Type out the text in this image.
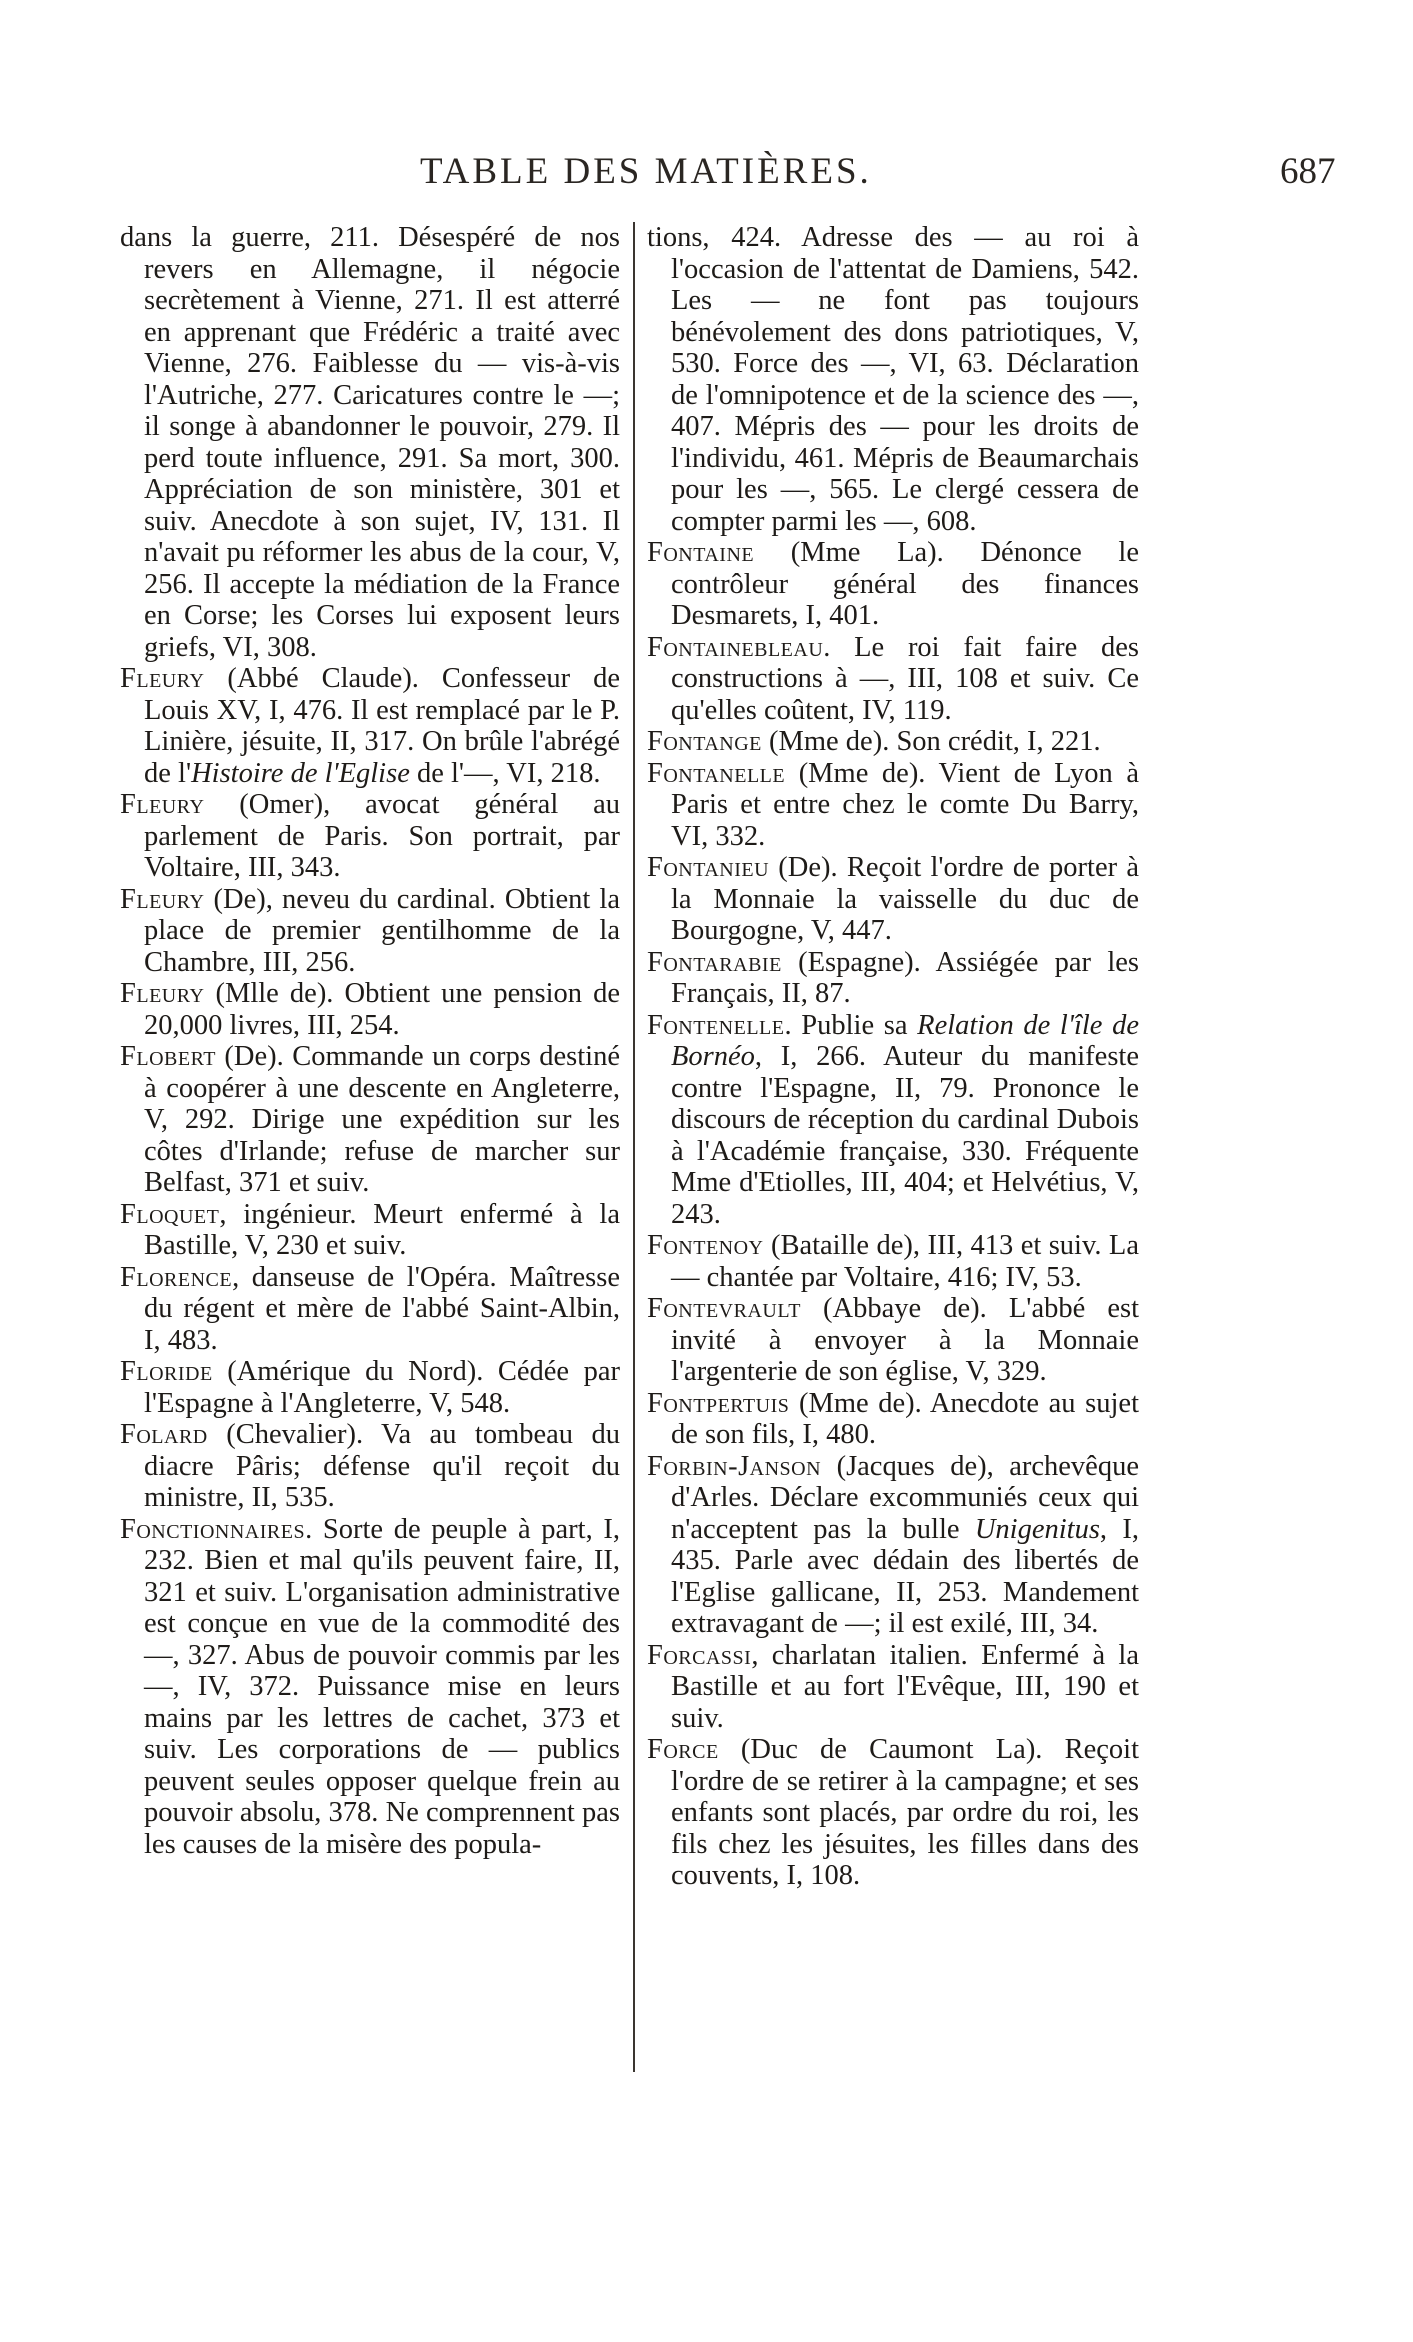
TABLE DES MATIÈRES.	687

dans la guerre, 211. Désespéré de nos revers en Allemagne, il négocie secrètement à Vienne, 271. Il est atterré en apprenant que Frédéric a traité avec Vienne, 276. Faiblesse du — vis-à-vis l'Autriche, 277. Caricatures contre le —; il songe à abandonner le pouvoir, 279. Il perd toute influence, 291. Sa mort, 300. Appréciation de son ministère, 301 et suiv. Anecdote à son sujet, IV, 131. Il n'avait pu réformer les abus de la cour, V, 256. Il accepte la médiation de la France en Corse; les Corses lui exposent leurs griefs, VI, 308.

Fleury (Abbé Claude). Confesseur de Louis XV, I, 476. Il est remplacé par le P. Linière, jésuite, II, 317. On brûle l'abrégé de l'Histoire de l'Eglise de l'—, VI, 218.

Fleury (Omer), avocat général au parlement de Paris. Son portrait, par Voltaire, III, 343.

Fleury (De), neveu du cardinal. Obtient la place de premier gentilhomme de la Chambre, III, 256.

Fleury (Mlle de). Obtient une pension de 20,000 livres, III, 254.

Flobert (De). Commande un corps destiné à coopérer à une descente en Angleterre, V, 292. Dirige une expédition sur les côtes d'Irlande; refuse de marcher sur Belfast, 371 et suiv.

Floquet, ingénieur. Meurt enfermé à la Bastille, V, 230 et suiv.

Florence, danseuse de l'Opéra. Maîtresse du régent et mère de l'abbé Saint-Albin, I, 483.

Floride (Amérique du Nord). Cédée par l'Espagne à l'Angleterre, V, 548.

Folard (Chevalier). Va au tombeau du diacre Pâris; défense qu'il reçoit du ministre, II, 535.

Fonctionnaires. Sorte de peuple à part, I, 232. Bien et mal qu'ils peuvent faire, II, 321 et suiv. L'organisation administrative est conçue en vue de la commodité des —, 327. Abus de pouvoir commis par les —, IV, 372. Puissance mise en leurs mains par les lettres de cachet, 373 et suiv. Les corporations de — publics peuvent seules opposer quelque frein au pouvoir absolu, 378. Ne comprennent pas les causes de la misère des popula-

tions, 424. Adresse des — au roi à l'occasion de l'attentat de Damiens, 542. Les — ne font pas toujours bénévolement des dons patriotiques, V, 530. Force des —, VI, 63. Déclaration de l'omnipotence et de la science des —, 407. Mépris des — pour les droits de l'individu, 461. Mépris de Beaumarchais pour les —, 565. Le clergé cessera de compter parmi les —, 608.

Fontaine (Mme La). Dénonce le contrôleur général des finances Desmarets, I, 401.

Fontainebleau. Le roi fait faire des constructions à —, III, 108 et suiv. Ce qu'elles coûtent, IV, 119.

Fontange (Mme de). Son crédit, I, 221.

Fontanelle (Mme de). Vient de Lyon à Paris et entre chez le comte Du Barry, VI, 332.

Fontanieu (De). Reçoit l'ordre de porter à la Monnaie la vaisselle du duc de Bourgogne, V, 447.

Fontarabie (Espagne). Assiégée par les Français, II, 87.

Fontenelle. Publie sa Relation de l'île de Bornéo, I, 266. Auteur du manifeste contre l'Espagne, II, 79. Prononce le discours de réception du cardinal Dubois à l'Académie française, 330. Fréquente Mme d'Etiolles, III, 404; et Helvétius, V, 243.

Fontenoy (Bataille de), III, 413 et suiv. La — chantée par Voltaire, 416; IV, 53.

Fontevrault (Abbaye de). L'abbé est invité à envoyer à la Monnaie l'argenterie de son église, V, 329.

Fontpertuis (Mme de). Anecdote au sujet de son fils, I, 480.

Forbin-Janson (Jacques de), archevêque d'Arles. Déclare excommuniés ceux qui n'acceptent pas la bulle Unigenitus, I, 435. Parle avec dédain des libertés de l'Eglise gallicane, II, 253. Mandement extravagant de —; il est exilé, III, 34.

Forcassi, charlatan italien. Enfermé à la Bastille et au fort l'Evêque, III, 190 et suiv.

Force (Duc de Caumont La). Reçoit l'ordre de se retirer à la campagne; et ses enfants sont placés, par ordre du roi, les fils chez les jésuites, les filles dans des couvents, I, 108.
